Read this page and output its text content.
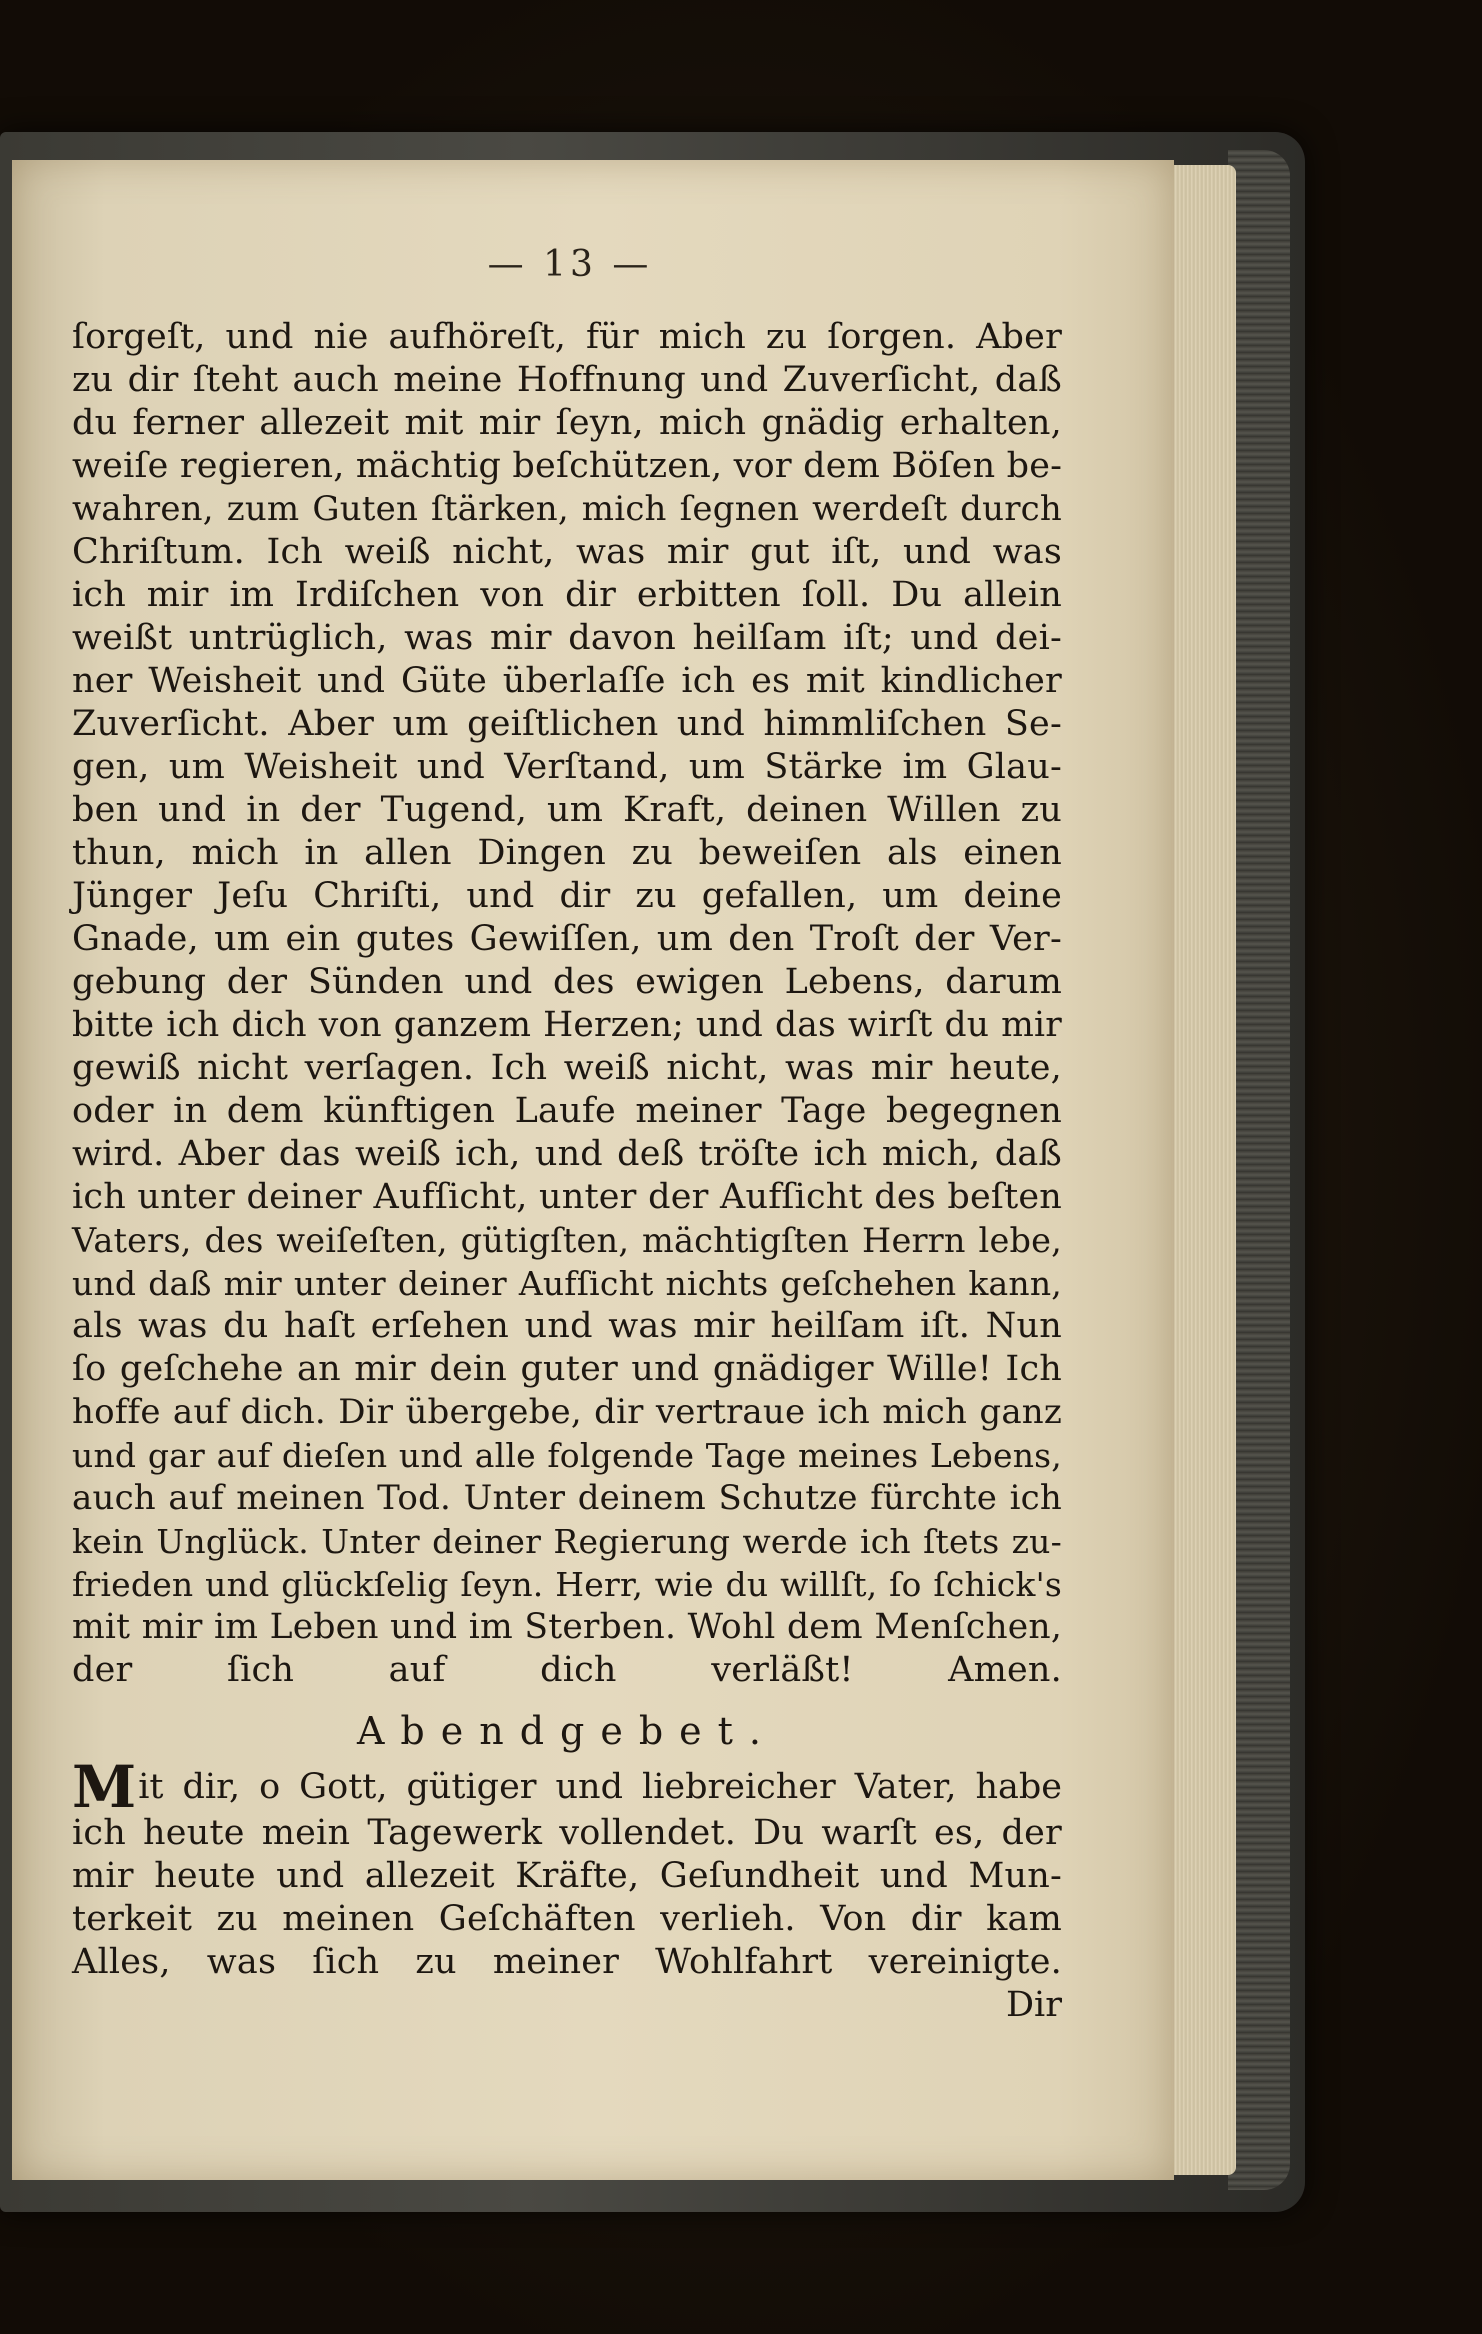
— 13 —
ſorgeſt, und nie aufhöreſt, für mich zu ſorgen. Aber
zu dir ſteht auch meine Hoffnung und Zuverſicht, daß
du ferner allezeit mit mir ſeyn, mich gnädig erhalten,
weiſe regieren, mächtig beſchützen, vor dem Böſen be-
wahren, zum Guten ſtärken, mich ſegnen werdeſt durch
Chriſtum. Ich weiß nicht, was mir gut iſt, und was
ich mir im Irdiſchen von dir erbitten ſoll. Du allein
weißt untrüglich, was mir davon heilſam iſt; und dei-
ner Weisheit und Güte überlaſſe ich es mit kindlicher
Zuverſicht. Aber um geiſtlichen und himmliſchen Se-
gen, um Weisheit und Verſtand, um Stärke im Glau-
ben und in der Tugend, um Kraft, deinen Willen zu
thun, mich in allen Dingen zu beweiſen als einen
Jünger Jeſu Chriſti, und dir zu gefallen, um deine
Gnade, um ein gutes Gewiſſen, um den Troſt der Ver-
gebung der Sünden und des ewigen Lebens, darum
bitte ich dich von ganzem Herzen; und das wirſt du mir
gewiß nicht verſagen. Ich weiß nicht, was mir heute,
oder in dem künftigen Laufe meiner Tage begegnen
wird. Aber das weiß ich, und deß tröſte ich mich, daß
ich unter deiner Aufſicht, unter der Aufſicht des beſten
Vaters, des weiſeſten, gütigſten, mächtigſten Herrn lebe,
und daß mir unter deiner Aufſicht nichts geſchehen kann,
als was du haſt erſehen und was mir heilſam iſt. Nun
ſo geſchehe an mir dein guter und gnädiger Wille! Ich
hoffe auf dich. Dir übergebe, dir vertraue ich mich ganz
und gar auf dieſen und alle folgende Tage meines Lebens,
auch auf meinen Tod. Unter deinem Schutze fürchte ich
kein Unglück. Unter deiner Regierung werde ich ſtets zu-
frieden und glückſelig ſeyn. Herr, wie du willſt, ſo ſchick's
mit mir im Leben und im Sterben. Wohl dem Menſchen,
der ſich auf dich verläßt! Amen.
Abendgebet.
M it dir, o Gott, gütiger und liebreicher Vater, habe
ich heute mein Tagewerk vollendet. Du warſt es, der
mir heute und allezeit Kräfte, Geſundheit und Mun-
terkeit zu meinen Geſchäften verlieh. Von dir kam
Alles, was ſich zu meiner Wohlfahrt vereinigte.
Dir
